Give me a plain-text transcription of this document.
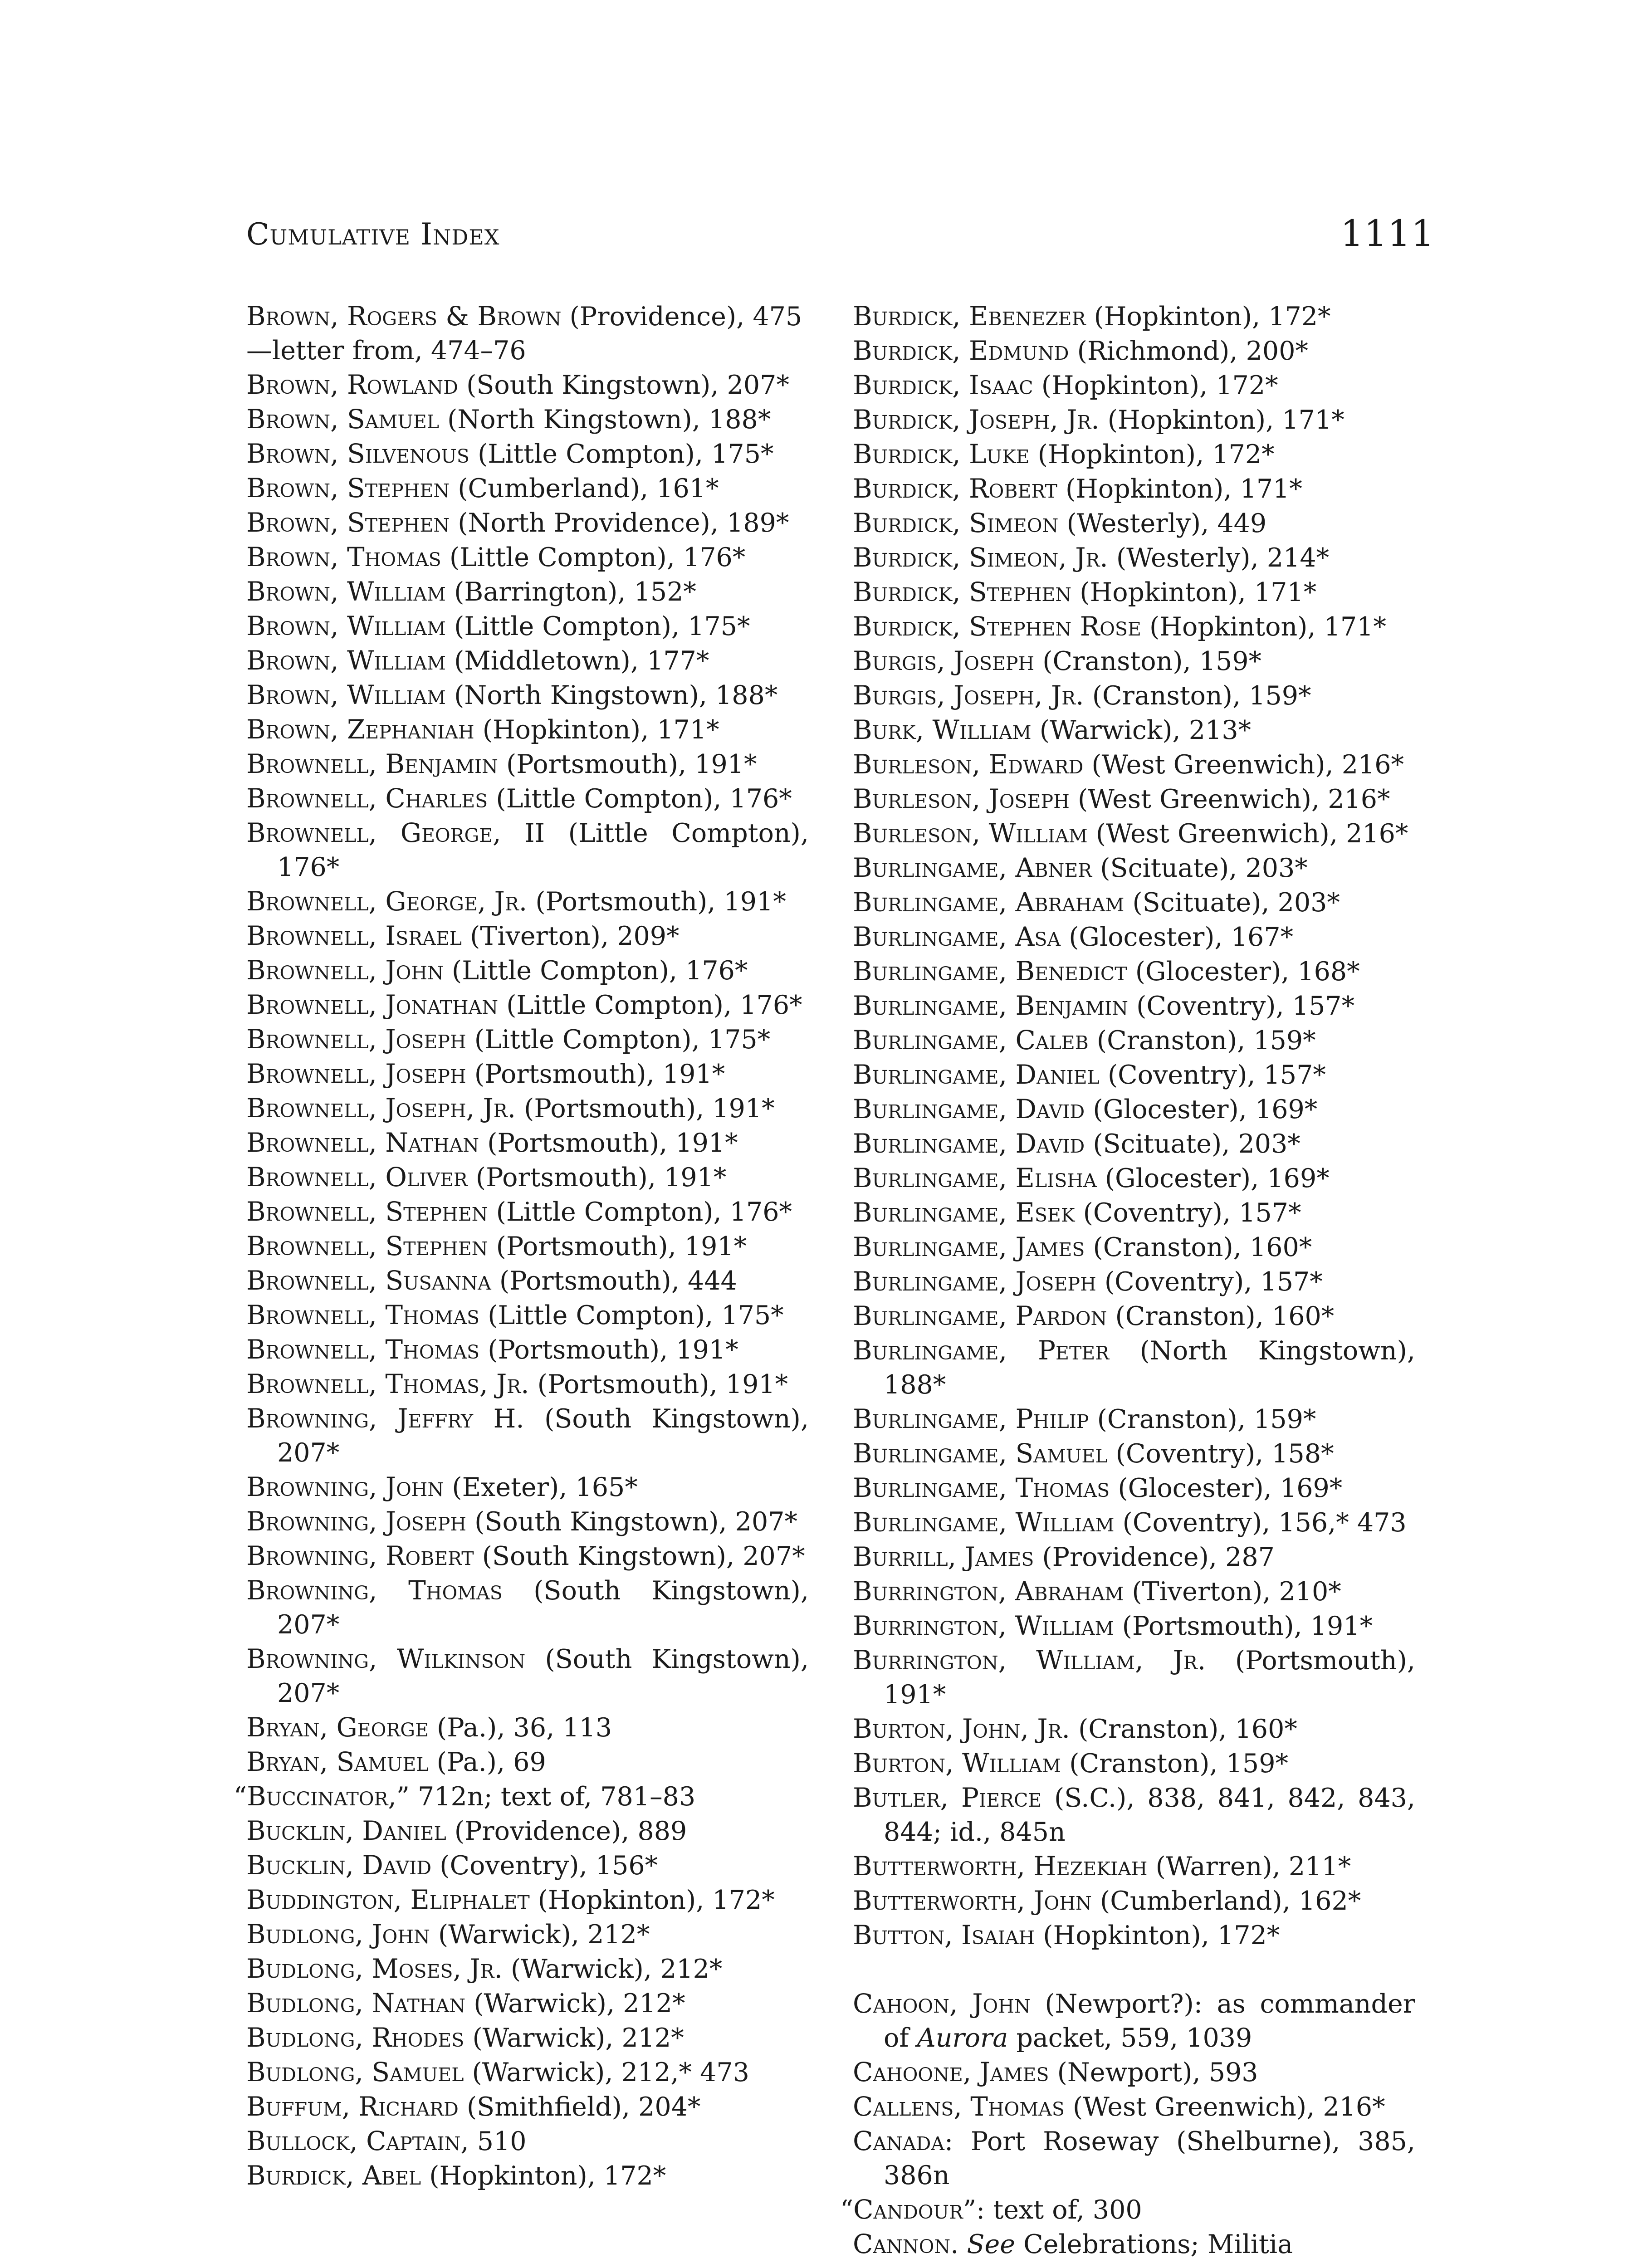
Cumulative Index	1111
Brown, Rogers & Brown (Providence), 475
—letter from, 474–76
Brown, Rowland (South Kingstown), 207*
Brown, Samuel (North Kingstown), 188*
Brown, Silvenous (Little Compton), 175*
Brown, Stephen (Cumberland), 161*
Brown, Stephen (North Providence), 189*
Brown, Thomas (Little Compton), 176*
Brown, William (Barrington), 152*
Brown, William (Little Compton), 175*
Brown, William (Middletown), 177*
Brown, William (North Kingstown), 188*
Brown, Zephaniah (Hopkinton), 171*
Brownell, Benjamin (Portsmouth), 191*
Brownell, Charles (Little Compton), 176*
Brownell, George, II (Little Compton), 176*
Brownell, George, Jr. (Portsmouth), 191*
Brownell, Israel (Tiverton), 209*
Brownell, John (Little Compton), 176*
Brownell, Jonathan (Little Compton), 176*
Brownell, Joseph (Little Compton), 175*
Brownell, Joseph (Portsmouth), 191*
Brownell, Joseph, Jr. (Portsmouth), 191*
Brownell, Nathan (Portsmouth), 191*
Brownell, Oliver (Portsmouth), 191*
Brownell, Stephen (Little Compton), 176*
Brownell, Stephen (Portsmouth), 191*
Brownell, Susanna (Portsmouth), 444
Brownell, Thomas (Little Compton), 175*
Brownell, Thomas (Portsmouth), 191*
Brownell, Thomas, Jr. (Portsmouth), 191*
Browning, Jeffry H. (South Kingstown), 207*
Browning, John (Exeter), 165*
Browning, Joseph (South Kingstown), 207*
Browning, Robert (South Kingstown), 207*
Browning, Thomas (South Kingstown), 207*
Browning, Wilkinson (South Kingstown), 207*
Bryan, George (Pa.), 36, 113
Bryan, Samuel (Pa.), 69
“Buccinator,” 712n; text of, 781–83
Bucklin, Daniel (Providence), 889
Bucklin, David (Coventry), 156*
Buddington, Eliphalet (Hopkinton), 172*
Budlong, John (Warwick), 212*
Budlong, Moses, Jr. (Warwick), 212*
Budlong, Nathan (Warwick), 212*
Budlong, Rhodes (Warwick), 212*
Budlong, Samuel (Warwick), 212,* 473
Buffum, Richard (Smithfield), 204*
Bullock, Captain, 510
Burdick, Abel (Hopkinton), 172*
Burdick, Ebenezer (Hopkinton), 172*
Burdick, Edmund (Richmond), 200*
Burdick, Isaac (Hopkinton), 172*
Burdick, Joseph, Jr. (Hopkinton), 171*
Burdick, Luke (Hopkinton), 172*
Burdick, Robert (Hopkinton), 171*
Burdick, Simeon (Westerly), 449
Burdick, Simeon, Jr. (Westerly), 214*
Burdick, Stephen (Hopkinton), 171*
Burdick, Stephen Rose (Hopkinton), 171*
Burgis, Joseph (Cranston), 159*
Burgis, Joseph, Jr. (Cranston), 159*
Burk, William (Warwick), 213*
Burleson, Edward (West Greenwich), 216*
Burleson, Joseph (West Greenwich), 216*
Burleson, William (West Greenwich), 216*
Burlingame, Abner (Scituate), 203*
Burlingame, Abraham (Scituate), 203*
Burlingame, Asa (Glocester), 167*
Burlingame, Benedict (Glocester), 168*
Burlingame, Benjamin (Coventry), 157*
Burlingame, Caleb (Cranston), 159*
Burlingame, Daniel (Coventry), 157*
Burlingame, David (Glocester), 169*
Burlingame, David (Scituate), 203*
Burlingame, Elisha (Glocester), 169*
Burlingame, Esek (Coventry), 157*
Burlingame, James (Cranston), 160*
Burlingame, Joseph (Coventry), 157*
Burlingame, Pardon (Cranston), 160*
Burlingame, Peter (North Kingstown), 188*
Burlingame, Philip (Cranston), 159*
Burlingame, Samuel (Coventry), 158*
Burlingame, Thomas (Glocester), 169*
Burlingame, William (Coventry), 156,* 473
Burrill, James (Providence), 287
Burrington, Abraham (Tiverton), 210*
Burrington, William (Portsmouth), 191*
Burrington, William, Jr. (Portsmouth), 191*
Burton, John, Jr. (Cranston), 160*
Burton, William (Cranston), 159*
Butler, Pierce (S.C.), 838, 841, 842, 843, 844; id., 845n
Butterworth, Hezekiah (Warren), 211*
Butterworth, John (Cumberland), 162*
Button, Isaiah (Hopkinton), 172*
Cahoon, John (Newport?): as commander of Aurora packet, 559, 1039
Cahoone, James (Newport), 593
Callens, Thomas (West Greenwich), 216*
Canada: Port Roseway (Shelburne), 385, 386n
“Candour”: text of, 300
Cannon. See Celebrations; Militia
